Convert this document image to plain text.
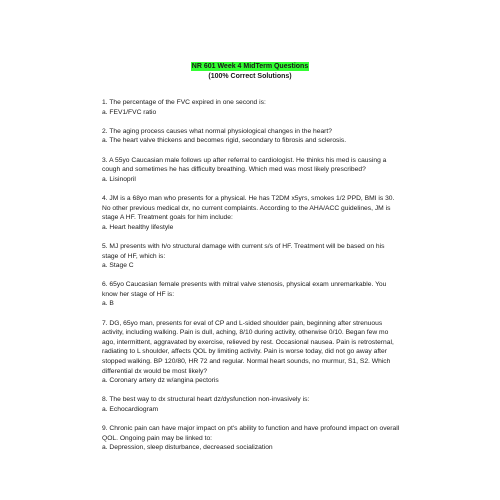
NR 601 Week 4 MidTerm Questions
(100% Correct Solutions)

1. The percentage of the FVC expired in one second is:

a. FEV1/FVC ratio

2. The aging process causes what normal physiological changes in the heart?

a. The heart valve thickens and becomes rigid, secondary to fibrosis and sclerosis.

3. A 55yo Caucasian male follows up after referral to cardiologist. He thinks his med is causing a cough and sometimes he has difficulty breathing. Which med was most likely prescribed?

a. Lisinopril

4. JM is a 68yo man who presents for a physical. He has T2DM x5yrs, smokes 1/2 PPD, BMI is 30. No other previous medical dx, no current complaints. According to the AHA/ACC guidelines, JM is stage A HF. Treatment goals for him include:

a. Heart healthy lifestyle

5. MJ presents with h/o structural damage with current s/s of HF. Treatment will be based on his stage of HF, which is:

a. Stage C

6. 65yo Caucasian female presents with mitral valve stenosis, physical exam unremarkable. You know her stage of HF is:

a. B

7. DG, 65yo man, presents for eval of CP and L-sided shoulder pain, beginning after strenuous activity, including walking. Pain is dull, aching, 8/10 during activity, otherwise 0/10. Began few mo ago, intermittent, aggravated by exercise, relieved by rest. Occasional nausea. Pain is retrosternal, radiating to L shoulder, affects QOL by limiting activity. Pain is worse today, did not go away after stopped walking. BP 120/80, HR 72 and regular. Normal heart sounds, no murmur, S1, S2. Which differential dx would be most likely?

a. Coronary artery dz w/angina pectoris

8. The best way to dx structural heart dz/dysfunction non-invasively is:

a. Echocardiogram

9. Chronic pain can have major impact on pt's ability to function and have profound impact on overall QOL. Ongoing pain may be linked to:

a. Depression, sleep disturbance, decreased socialization
